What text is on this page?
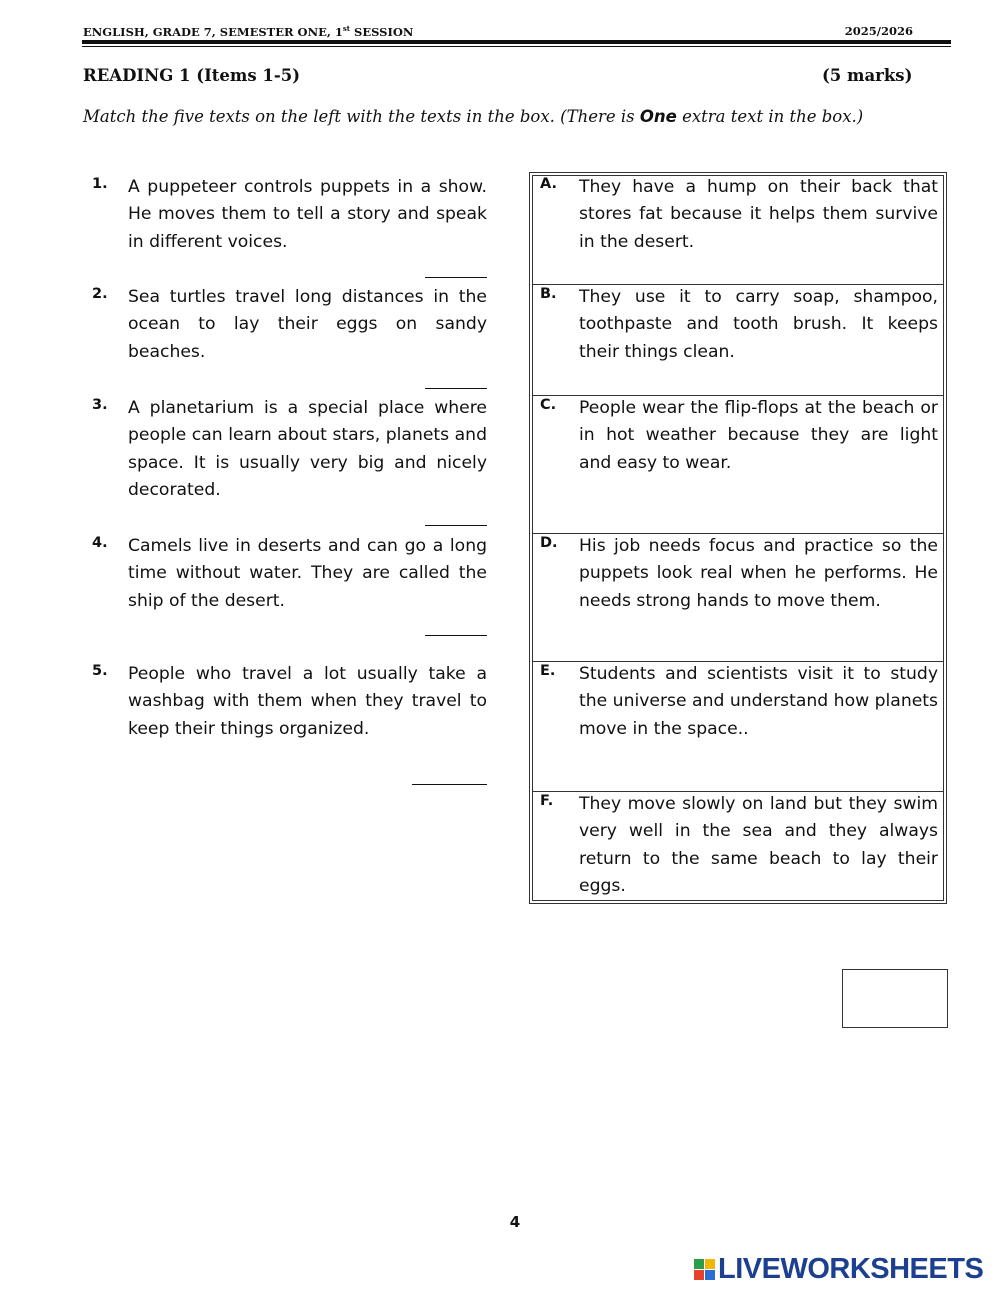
ENGLISH, GRADE 7, SEMESTER ONE, 1st SESSION	2025/2026
READING 1 (Items 1-5)	(5 marks)
Match the five texts on the left with the texts in the box. (There is One extra text in the box.)
1. A puppeteer controls puppets in a show. He moves them to tell a story and speak in different voices.
2. Sea turtles travel long distances in the ocean to lay their eggs on sandy beaches.
3. A planetarium is a special place where people can learn about stars, planets and space. It is usually very big and nicely decorated.
4. Camels live in deserts and can go a long time without water. They are called the ship of the desert.
5. People who travel a lot usually take a washbag with them when they travel to keep their things organized.
A. They have a hump on their back that stores fat because it helps them survive in the desert.
B. They use it to carry soap, shampoo, toothpaste and tooth brush. It keeps their things clean.
C. People wear the flip-flops at the beach or in hot weather because they are light and easy to wear.
D. His job needs focus and practice so the puppets look real when he performs. He needs strong hands to move them.
E. Students and scientists visit it to study the universe and understand how planets move in the space..
F. They move slowly on land but they swim very well in the sea and they always return to the same beach to lay their eggs.
4
LIVEWORKSHEETS
